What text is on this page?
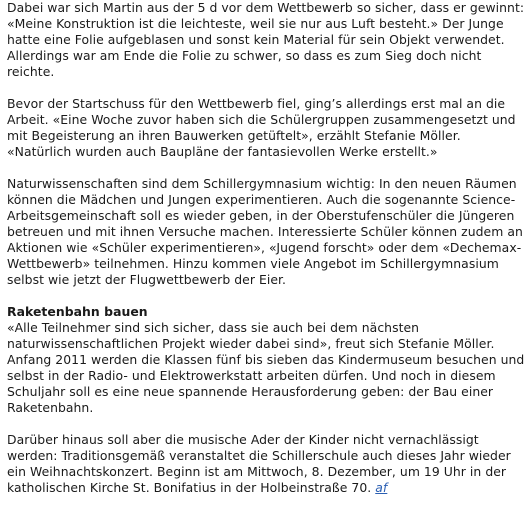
Dabei war sich Martin aus der 5 d vor dem Wettbewerb so sicher, dass er gewinnt: «Meine Konstruktion ist die leichteste, weil sie nur aus Luft besteht.» Der Junge hatte eine Folie aufgeblasen und sonst kein Material für sein Objekt verwendet. Allerdings war am Ende die Folie zu schwer, so dass es zum Sieg doch nicht reichte.

Bevor der Startschuss für den Wettbewerb fiel, ging’s allerdings erst mal an die Arbeit. «Eine Woche zuvor haben sich die Schülergruppen zusammengesetzt und mit Begeisterung an ihren Bauwerken getüftelt», erzählt Stefanie Möller. «Natürlich wurden auch Baupläne der fantasievollen Werke erstellt.»

Naturwissenschaften sind dem Schillergymnasium wichtig: In den neuen Räumen können die Mädchen und Jungen experimentieren. Auch die sogenannte Science-Arbeitsgemeinschaft soll es wieder geben, in der Oberstufenschüler die Jüngeren betreuen und mit ihnen Versuche machen. Interessierte Schüler können zudem an Aktionen wie «Schüler experimentieren», «Jugend forscht» oder dem «Dechemax-Wettbewerb» teilnehmen. Hinzu kommen viele Angebot im Schillergymnasium selbst wie jetzt der Flugwettbewerb der Eier.

Raketenbahn bauen

«Alle Teilnehmer sind sich sicher, dass sie auch bei dem nächsten naturwissenschaftlichen Projekt wieder dabei sind», freut sich Stefanie Möller. Anfang 2011 werden die Klassen fünf bis sieben das Kindermuseum besuchen und selbst in der Radio- und Elektrowerkstatt arbeiten dürfen. Und noch in diesem Schuljahr soll es eine neue spannende Herausforderung geben: der Bau einer Raketenbahn.

Darüber hinaus soll aber die musische Ader der Kinder nicht vernachlässigt werden: Traditionsgemäß veranstaltet die Schillerschule auch dieses Jahr wieder ein Weihnachtskonzert. Beginn ist am Mittwoch, 8. Dezember, um 19 Uhr in der katholischen Kirche St. Bonifatius in der Holbeinstraße 70. af
